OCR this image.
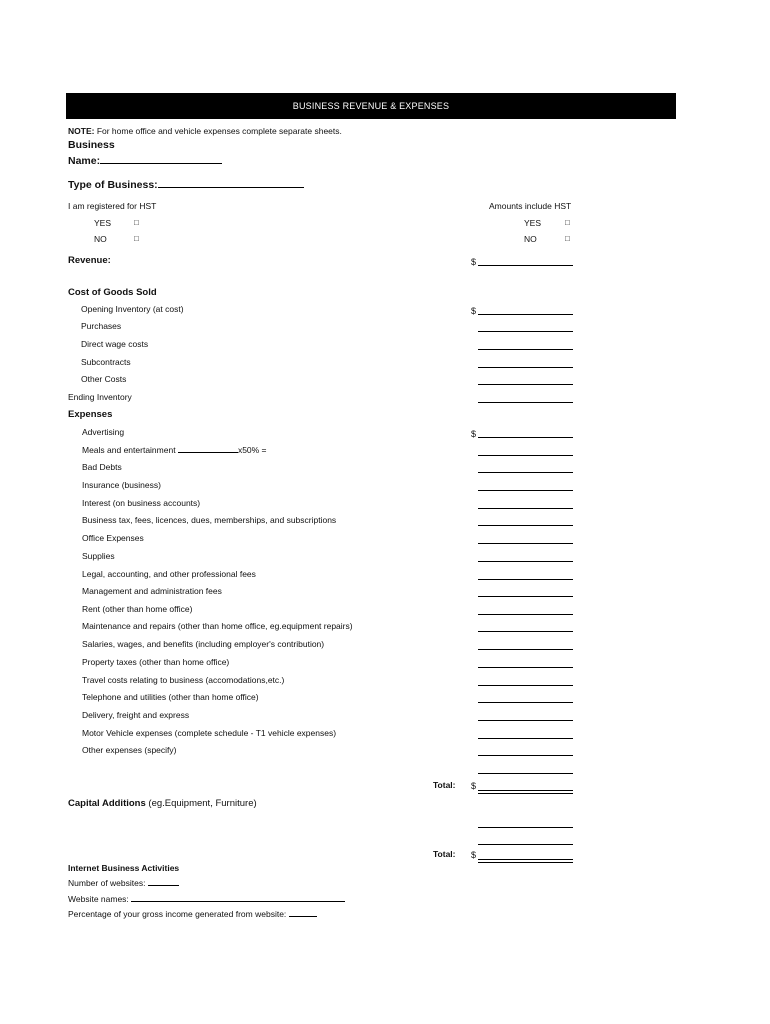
BUSINESS REVENUE & EXPENSES
NOTE: For home office and vehicle expenses complete separate sheets.
Business
Name:
Type of Business:
I am registered for HST	Amounts include HST
YES	□
NO	□
YES	□
NO	□
Revenue:	$
Cost of Goods Sold
Opening Inventory (at cost)	$
Purchases
Direct wage costs
Subcontracts
Other Costs
Ending Inventory
Expenses
Advertising	$
Meals and entertainment	x50% =
Bad Debts
Insurance (business)
Interest (on business accounts)
Business tax, fees, licences, dues, memberships, and subscriptions
Office Expenses
Supplies
Legal, accounting, and other professional fees
Management and administration fees
Rent (other than home office)
Maintenance and repairs (other than home office, eg.equipment repairs)
Salaries, wages, and benefits (including employer's contribution)
Property taxes (other than home office)
Travel costs relating to business (accomodations,etc.)
Telephone and utilities (other than home office)
Delivery, freight and express
Motor Vehicle expenses (complete schedule - T1 vehicle expenses)
Other expenses (specify)
Total: $
Capital Additions (eg.Equipment, Furniture)
Total: $
Internet Business Activities
Number of websites:
Website names:
Percentage of your gross income generated from website:
